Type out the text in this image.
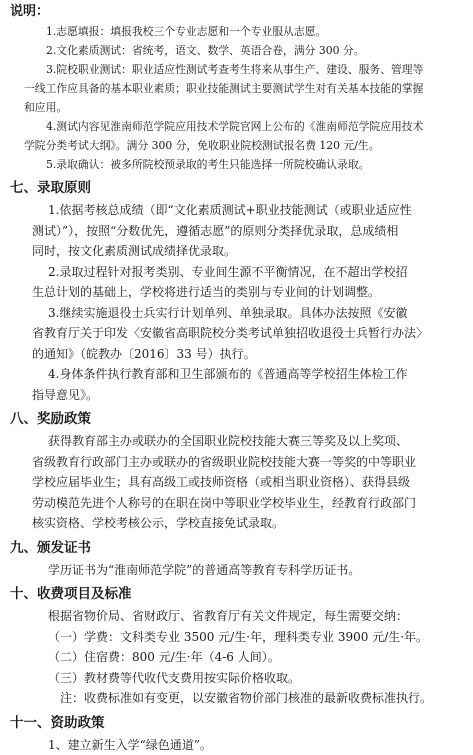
说明：
1.志愿填报：填报我校三个专业志愿和一个专业服从志愿。
2.文化素质测试：省统考，语文、数学、英语合卷，满分 300 分。
3.院校职业测试：职业适应性测试考查考生将来从事生产、建设、服务、管理等
一线工作应具备的基本职业素质；职业技能测试主要测试学生对有关基本技能的掌握
和应用。
4.测试内容见淮南师范学院应用技术学院官网上公布的《淮南师范学院应用技术
学院分类考试大纲》。满分 300 分，免收职业院校测试报名费 120 元/生。
5.录取确认：被多所院校预录取的考生只能选择一所院校确认录取。
七、录取原则
1.依据考核总成绩（即“文化素质测试+职业技能测试（或职业适应性
测试）”），按照“分数优先，遵循志愿”的原则分类择优录取，总成绩相
同时，按文化素质测试成绩择优录取。
2.录取过程针对报考类别、专业间生源不平衡情况，在不超出学校招
生总计划的基础上，学校将进行适当的类别与专业间的计划调整。
3.继续实施退役士兵实行计划单列、单独录取。具体办法按照《安徽
省教育厅关于印发〈安徽省高职院校分类考试单独招收退役士兵暂行办法〉
的通知》（皖教办〔2016〕33 号）执行。
4.身体条件执行教育部和卫生部颁布的《普通高等学校招生体检工作
指导意见》。
八、奖励政策
获得教育部主办或联办的全国职业院校技能大赛三等奖及以上奖项、
省级教育行政部门主办或联办的省级职业院校技能大赛一等奖的中等职业
学校应届毕业生；具有高级工或技师资格（或相当职业资格）、获得县级
劳动模范先进个人称号的在职在岗中等职业学校毕业生，经教育行政部门
核实资格、学校考核公示，学校直接免试录取。
九、颁发证书
学历证书为“淮南师范学院”的普通高等教育专科学历证书。
十、收费项目及标准
根据省物价局、省财政厅、省教育厅有关文件规定，每生需要交纳：
（一）学费：文科类专业 3500 元/生·年，理科类专业 3900 元/生·年。
（二）住宿费：800 元/生·年（4-6 人间）。
（三）教材费等代收代支费用按实际价格收取。
注：收费标准如有变更，以安徽省物价部门核准的最新收费标准执行。
十一、资助政策
1、建立新生入学“绿色通道”。
